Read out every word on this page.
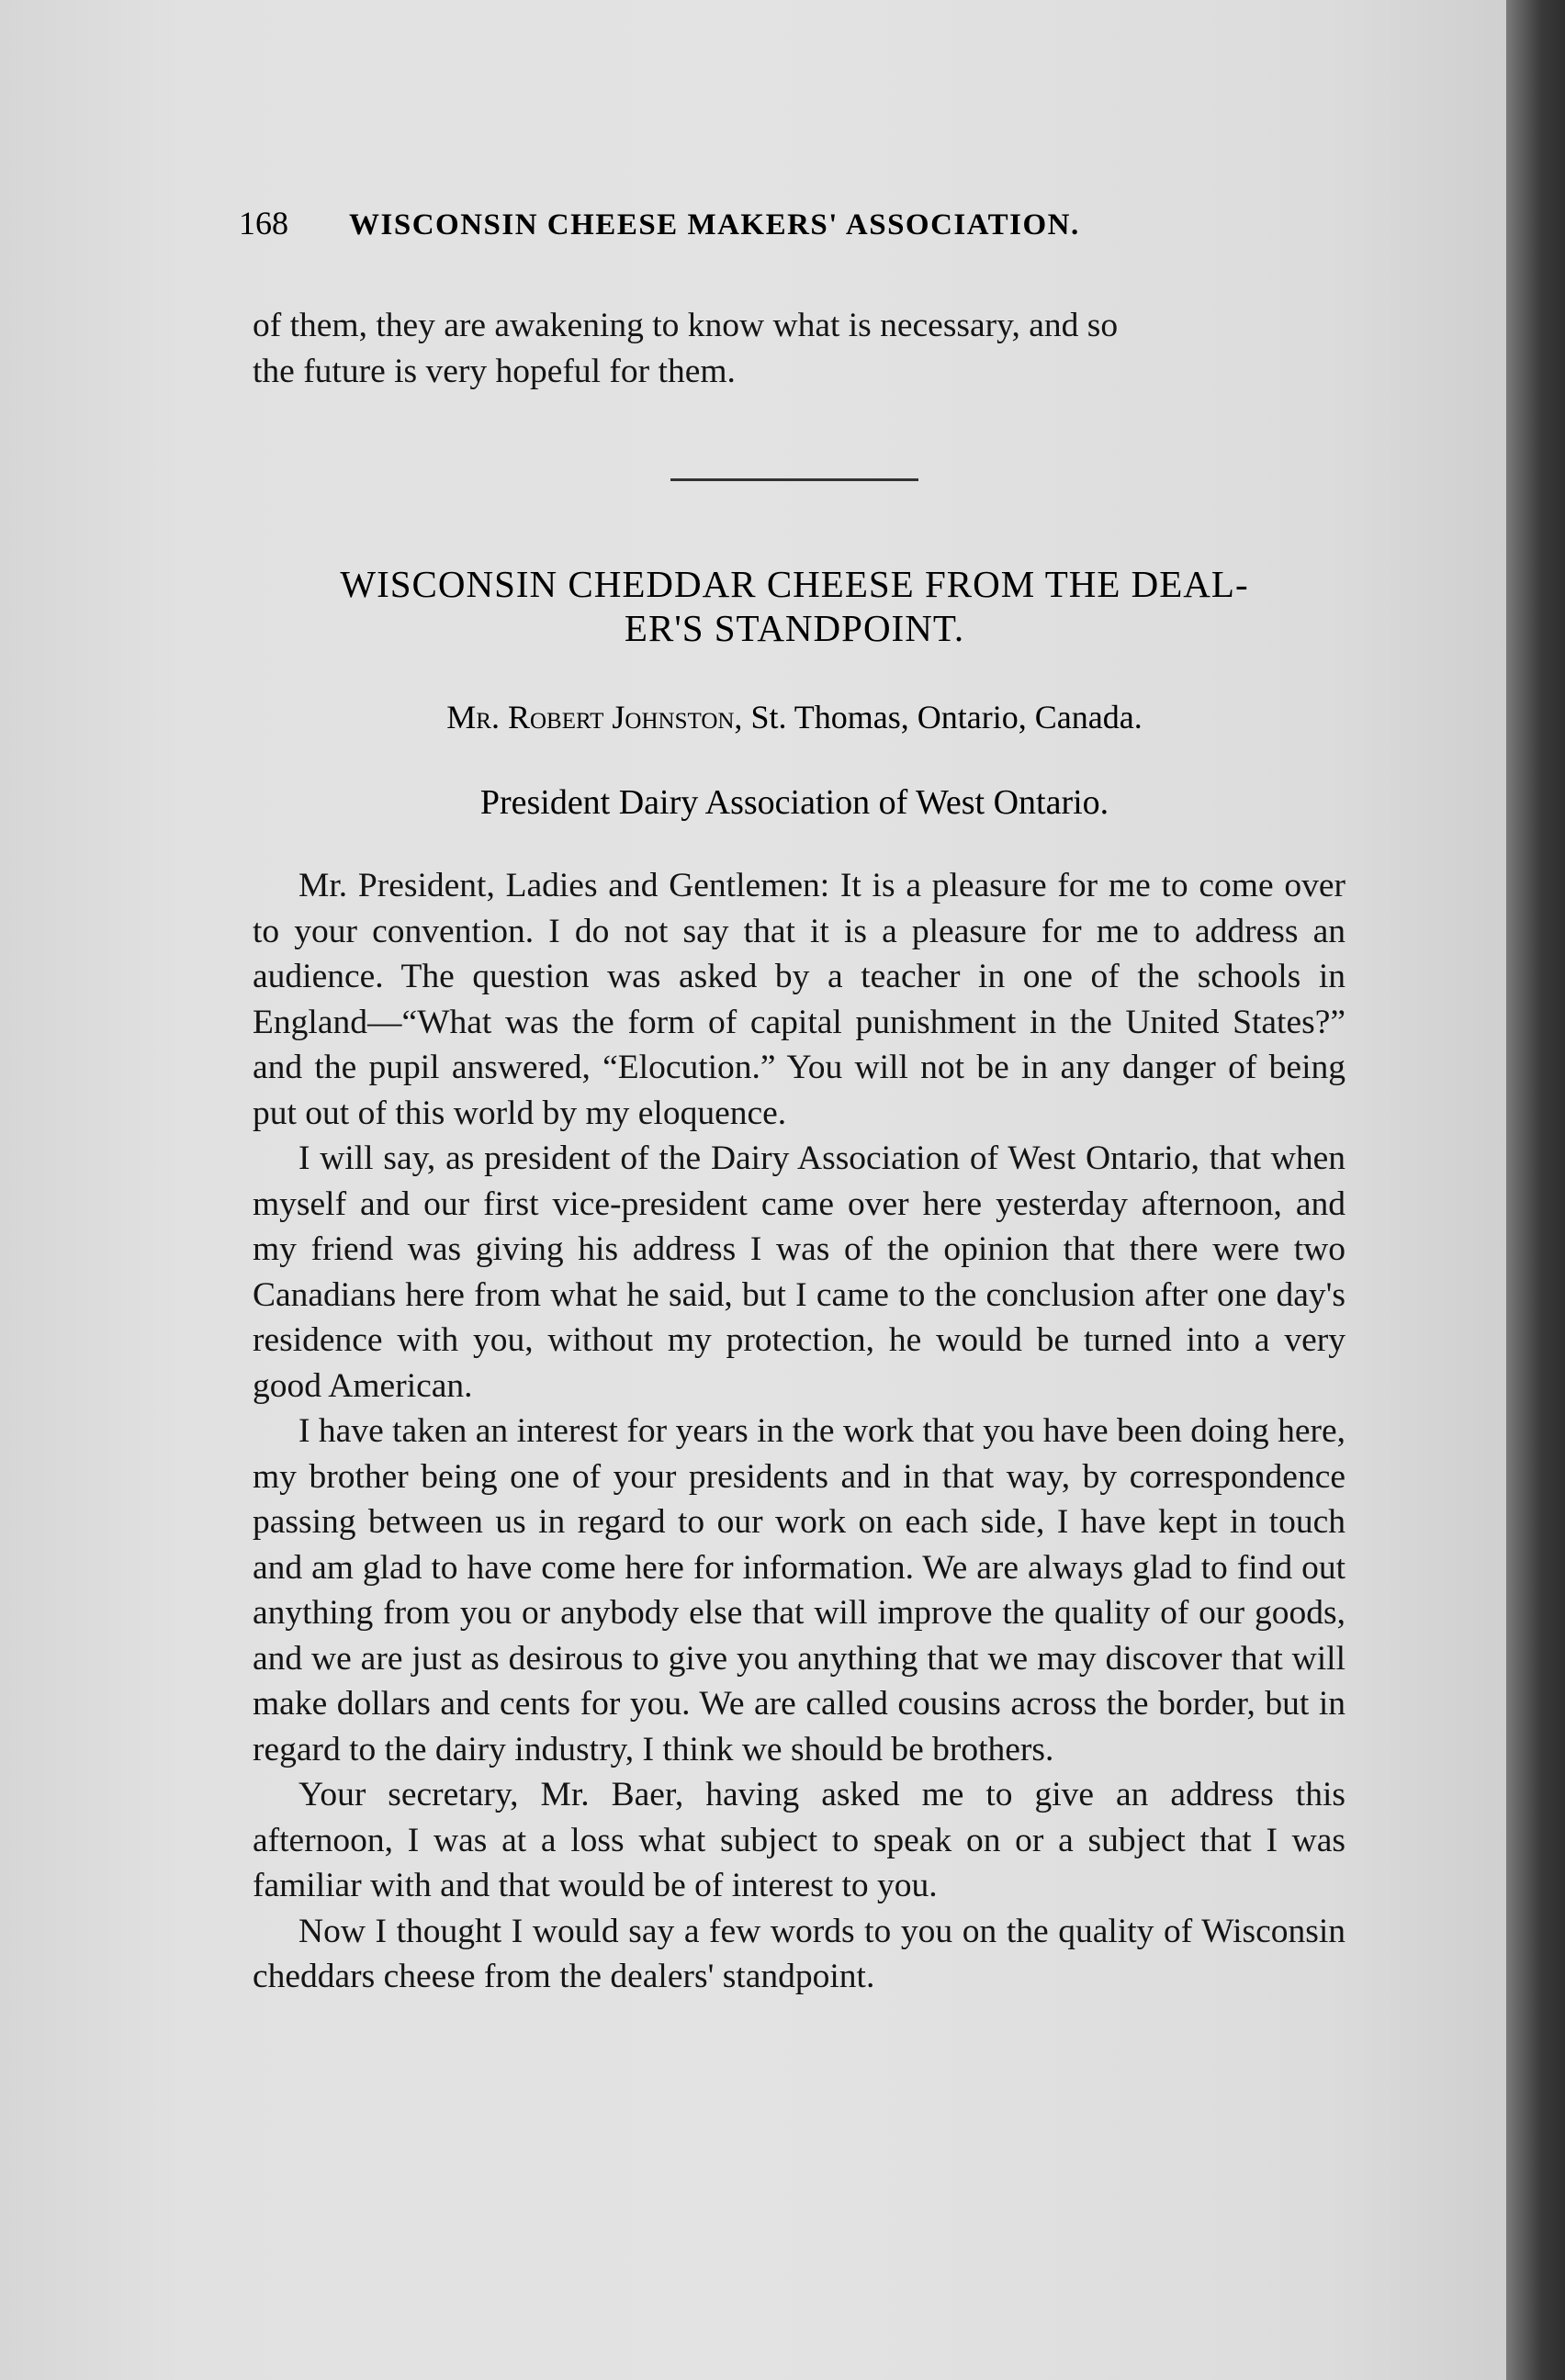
168 WISCONSIN CHEESE MAKERS' ASSOCIATION.

of them, they are awakening to know what is necessary, and so
the future is very hopeful for them.

WISCONSIN CHEDDAR CHEESE FROM THE DEAL-
ER'S STANDPOINT.
Mr. Robert Johnston, St. Thomas, Ontario, Canada.
President Dairy Association of West Ontario.

Mr. President, Ladies and Gentlemen: It is a pleasure for me to come over to your convention. I do not say that it is a pleasure for me to address an audience. The question was asked by a teacher in one of the schools in England—“What was the form of capital punishment in the United States?” and the pupil answered, “Elocution.” You will not be in any danger of being put out of this world by my eloquence.

I will say, as president of the Dairy Association of West Ontario, that when myself and our first vice-president came over here yesterday afternoon, and my friend was giving his address I was of the opinion that there were two Canadians here from what he said, but I came to the conclusion after one day's residence with you, without my protection, he would be turned into a very good American.

I have taken an interest for years in the work that you have been doing here, my brother being one of your presidents and in that way, by correspondence passing between us in regard to our work on each side, I have kept in touch and am glad to have come here for information. We are always glad to find out anything from you or anybody else that will improve the quality of our goods, and we are just as desirous to give you anything that we may discover that will make dollars and cents for you. We are called cousins across the border, but in regard to the dairy industry, I think we should be brothers.

Your secretary, Mr. Baer, having asked me to give an address this afternoon, I was at a loss what subject to speak on or a subject that I was familiar with and that would be of interest to you.

Now I thought I would say a few words to you on the quality of Wisconsin cheddars cheese from the dealers' standpoint.
